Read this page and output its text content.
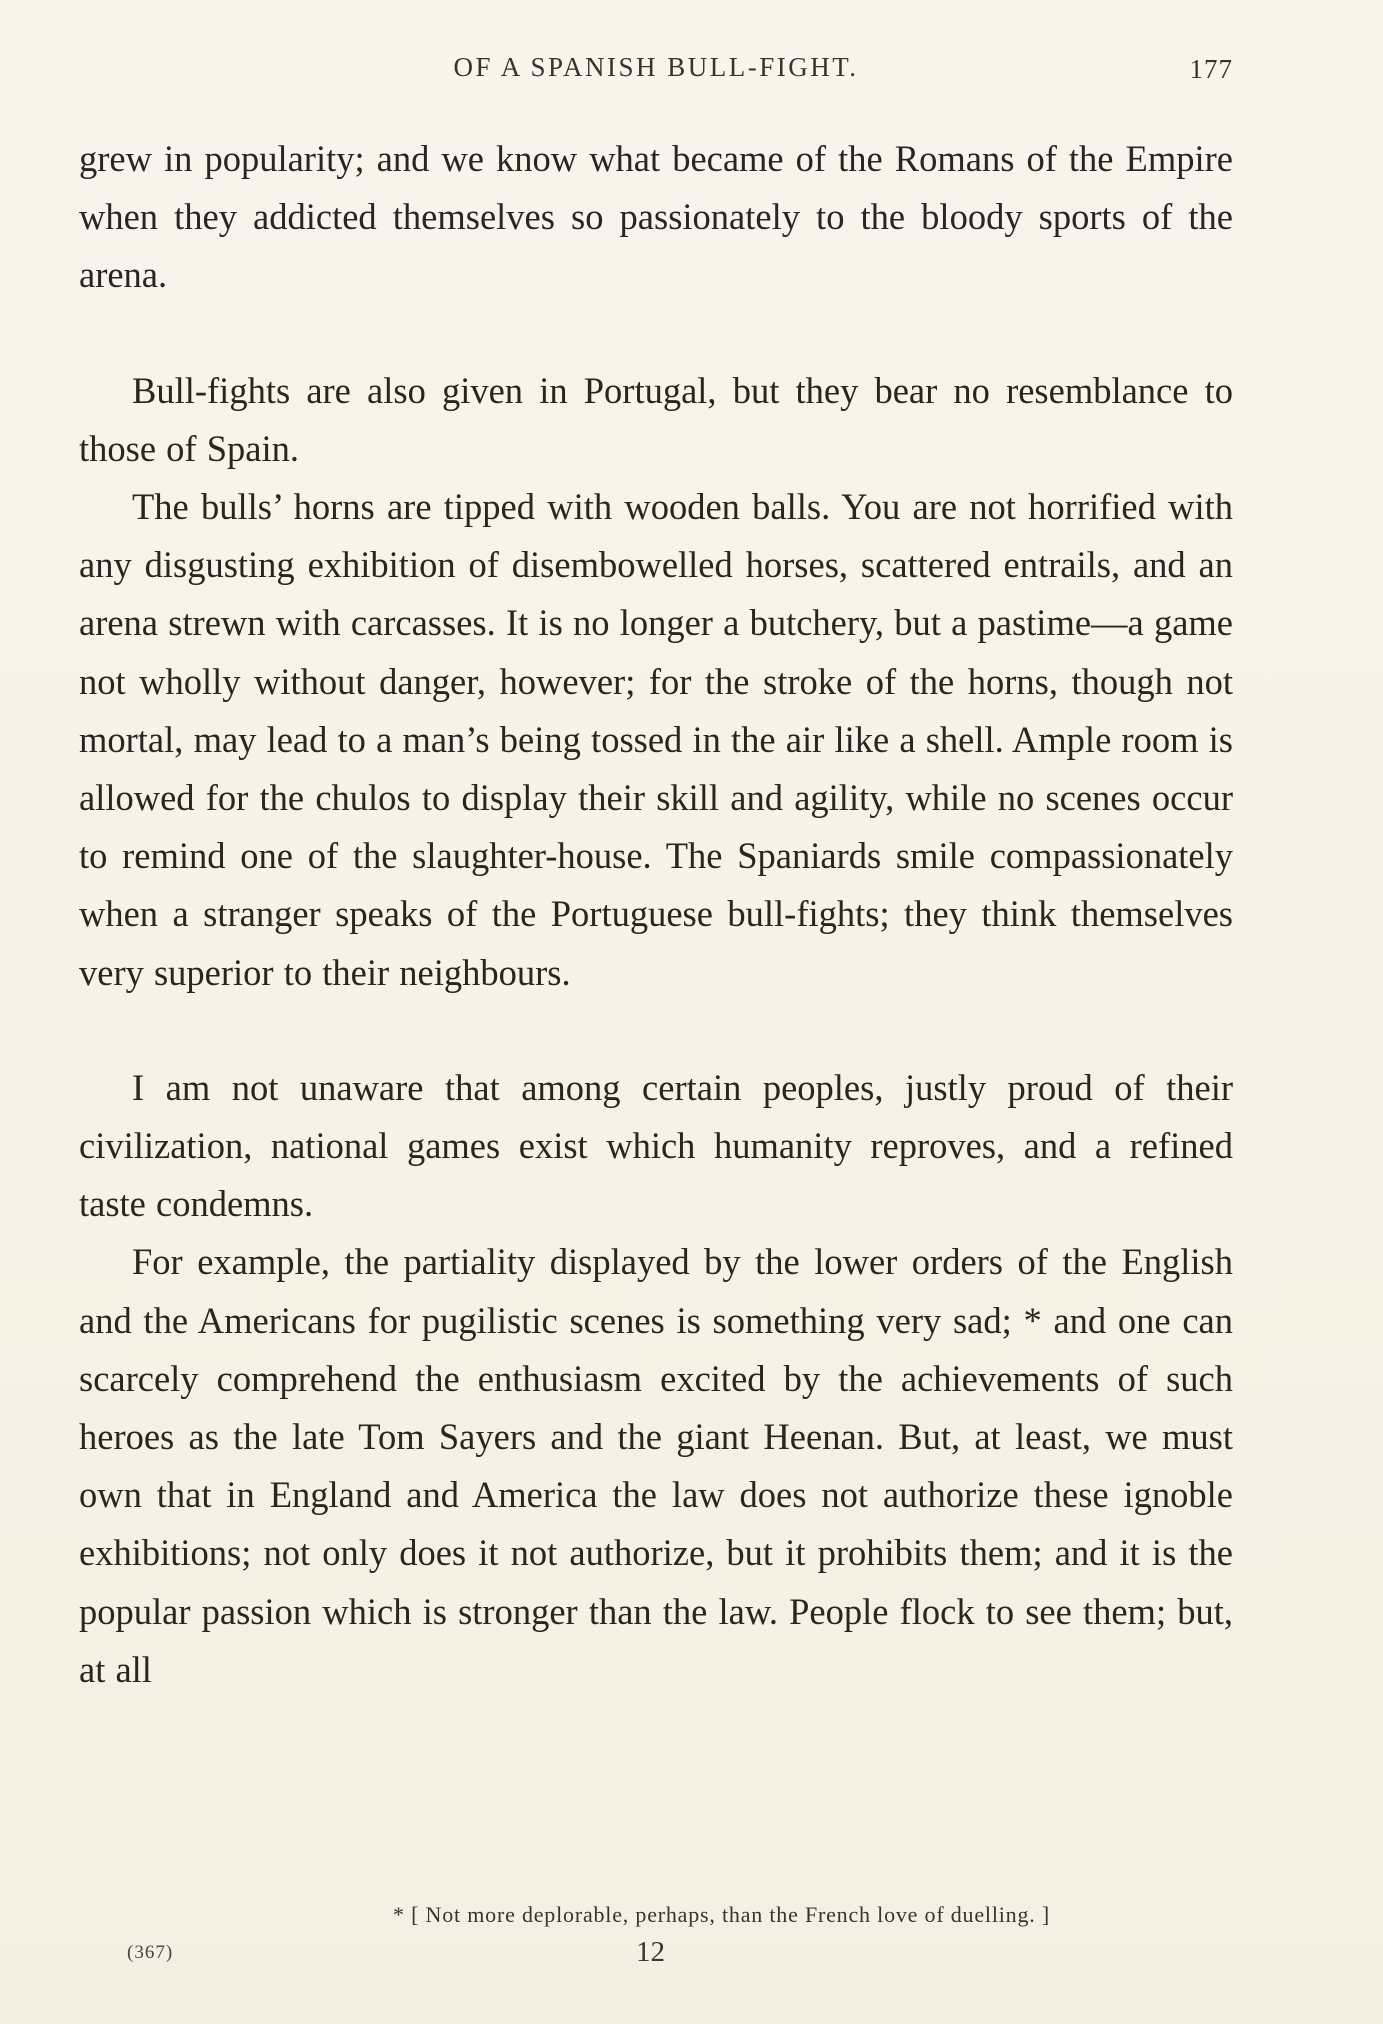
OF A SPANISH BULL-FIGHT.	177

grew in popularity; and we know what became of the Romans of the Empire when they addicted themselves so passionately to the bloody sports of the arena.

Bull-fights are also given in Portugal, but they bear no resemblance to those of Spain.

The bulls’ horns are tipped with wooden balls. You are not horrified with any disgusting exhibition of disembowelled horses, scattered entrails, and an arena strewn with carcasses. It is no longer a butchery, but a pastime—a game not wholly without danger, however; for the stroke of the horns, though not mortal, may lead to a man’s being tossed in the air like a shell. Ample room is allowed for the chulos to display their skill and agility, while no scenes occur to remind one of the slaughter-house. The Spaniards smile compassionately when a stranger speaks of the Portuguese bull-fights; they think themselves very superior to their neighbours.

I am not unaware that among certain peoples, justly proud of their civilization, national games exist which humanity reproves, and a refined taste condemns.

For example, the partiality displayed by the lower orders of the English and the Americans for pugilistic scenes is something very sad; * and one can scarcely comprehend the enthusiasm excited by the achievements of such heroes as the late Tom Sayers and the giant Heenan. But, at least, we must own that in England and America the law does not authorize these ignoble exhibitions; not only does it not authorize, but it prohibits them; and it is the popular passion which is stronger than the law. People flock to see them; but, at all

* [ Not more deplorable, perhaps, than the French love of duelling. ]
(367)	12
